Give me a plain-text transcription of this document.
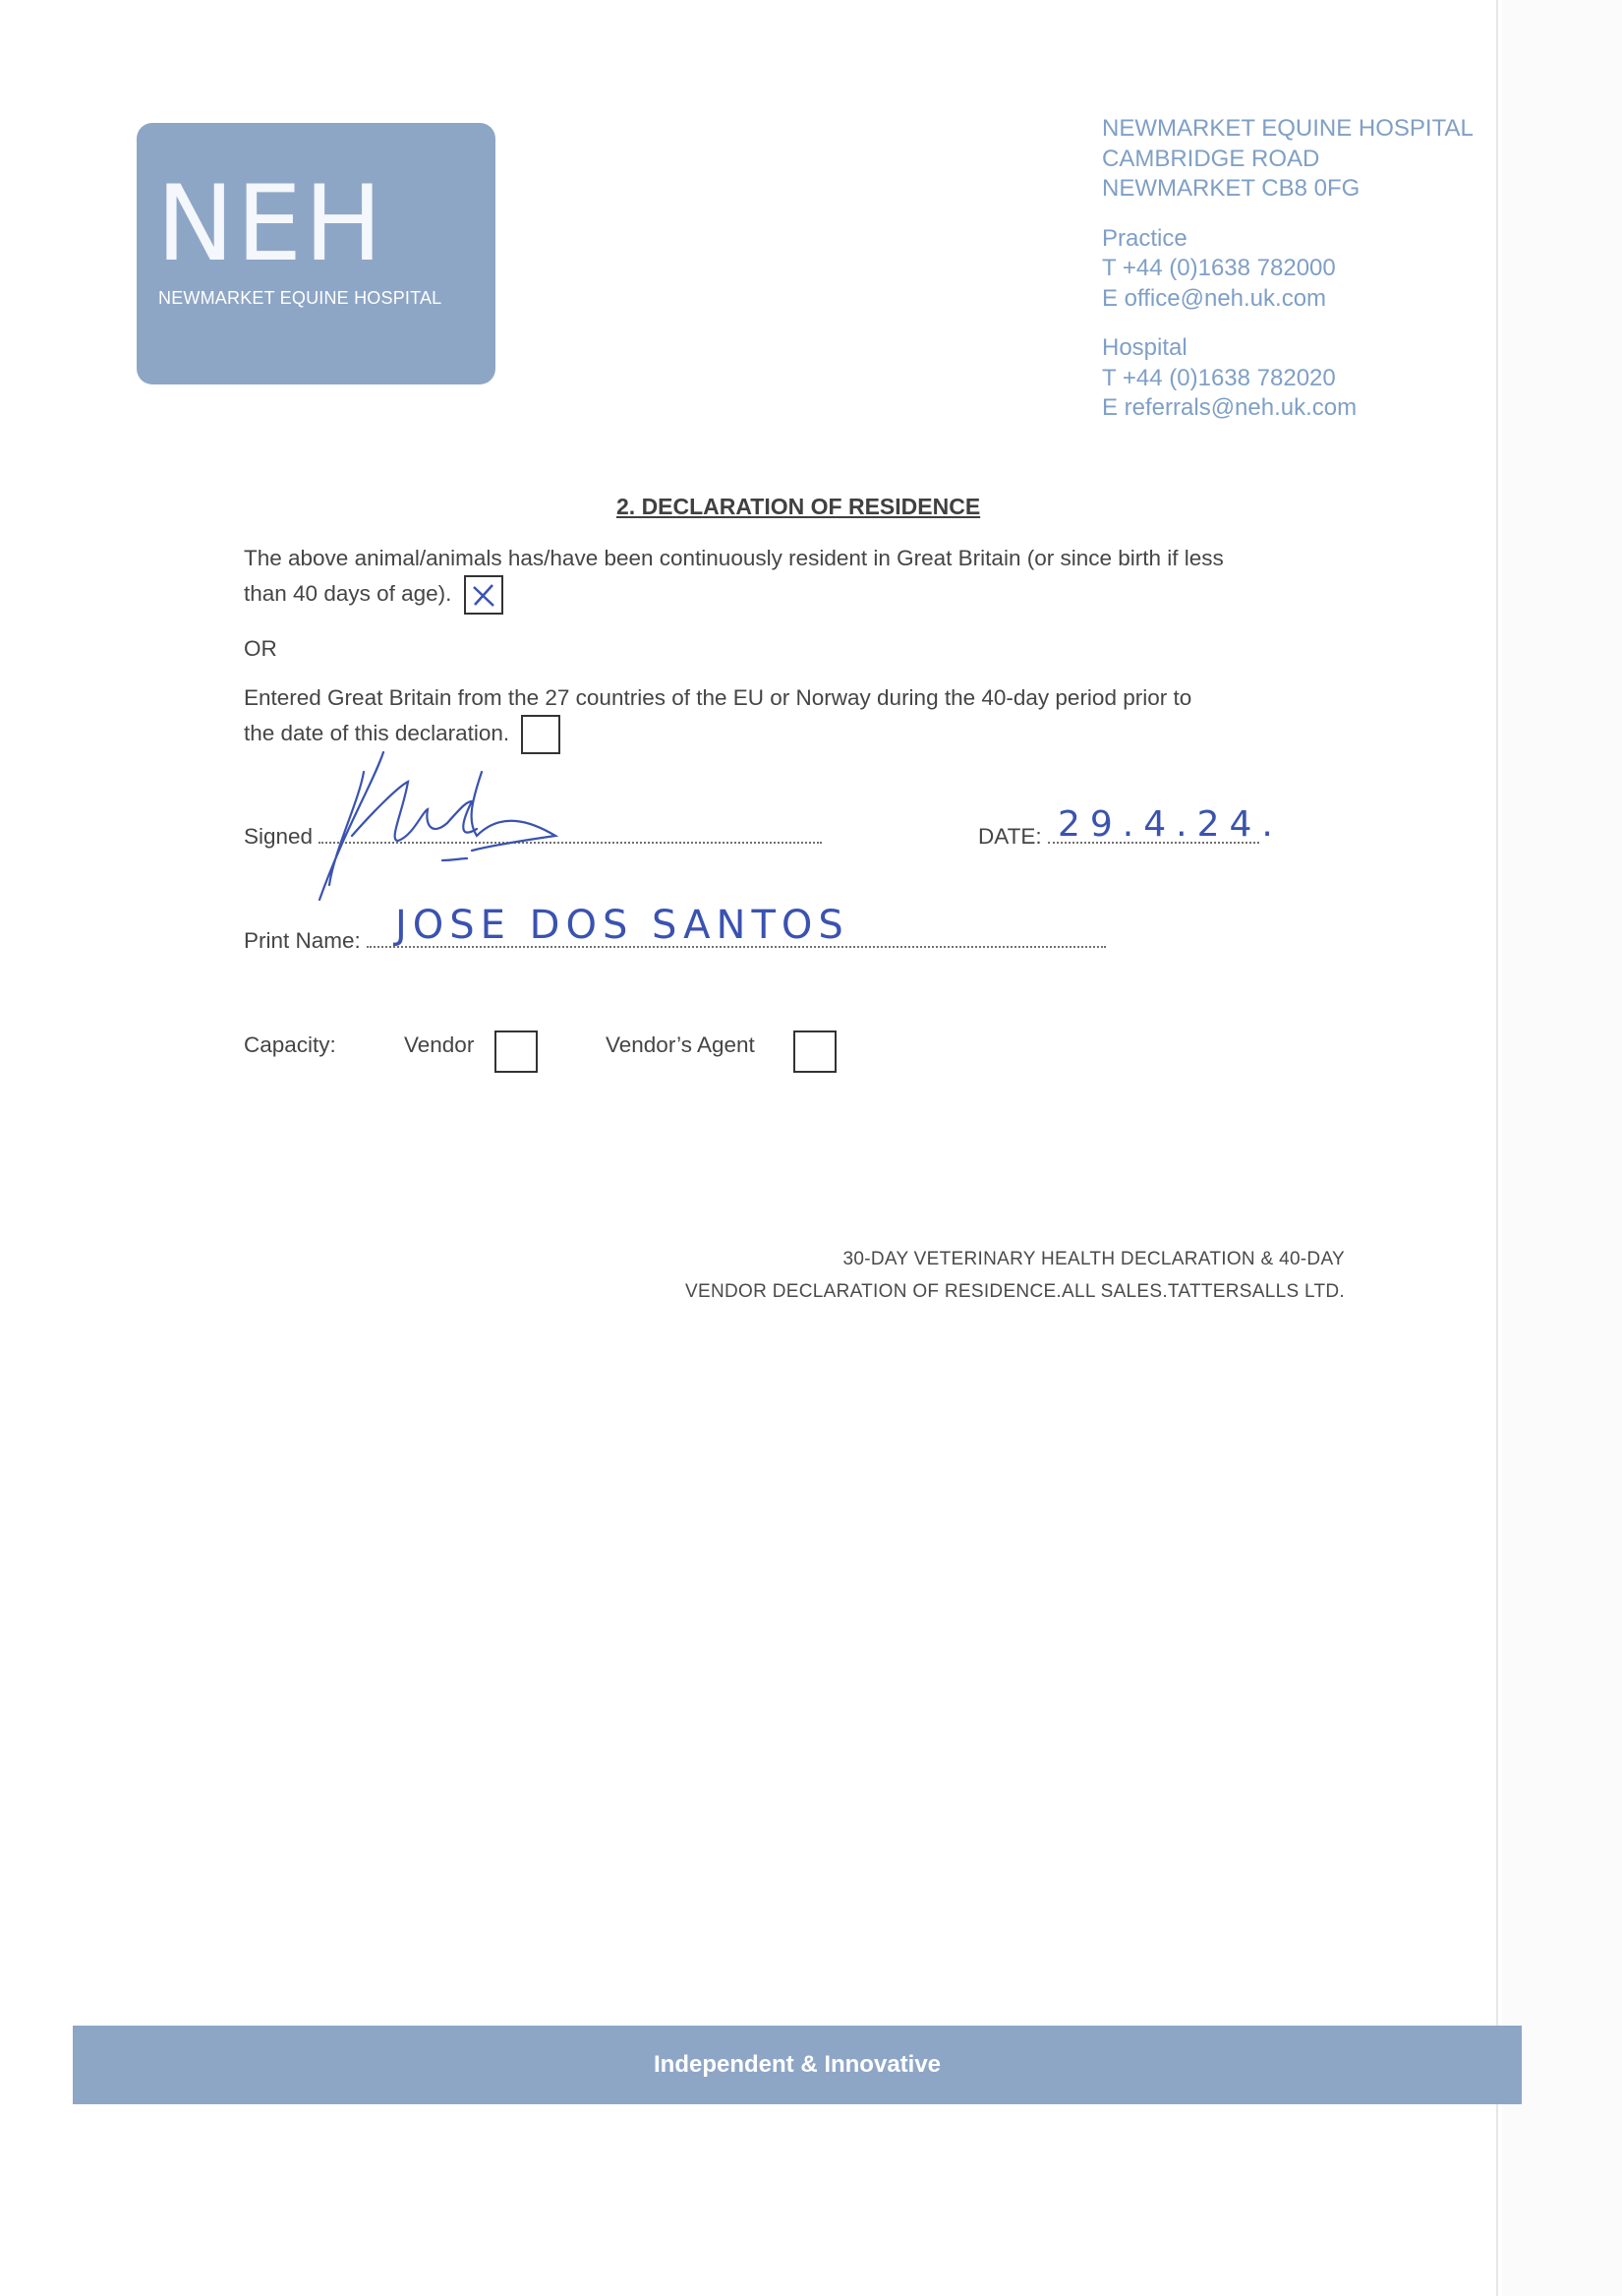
NEH
NEWMARKET EQUINE HOSPITAL
NEWMARKET EQUINE HOSPITAL
CAMBRIDGE ROAD
NEWMARKET CB8 0FG
Practice
T +44 (0)1638 782000
E office@neh.uk.com
Hospital
T +44 (0)1638 782020
E referrals@neh.uk.com
2. DECLARATION OF RESIDENCE
The above animal/animals has/have been continuously resident in Great Britain (or since birth if less
than 40 days of age).
OR
Entered Great Britain from the 27 countries of the EU or Norway during the 40-day period prior to
the date of this declaration.
Signed	DATE: 29.4.24.
Print Name: JOSE DOS SANTOS
Capacity:	Vendor	Vendor’s Agent
30-DAY VETERINARY HEALTH DECLARATION & 40-DAY
VENDOR DECLARATION OF RESIDENCE.ALL SALES.TATTERSALLS LTD.
Independent & Innovative
